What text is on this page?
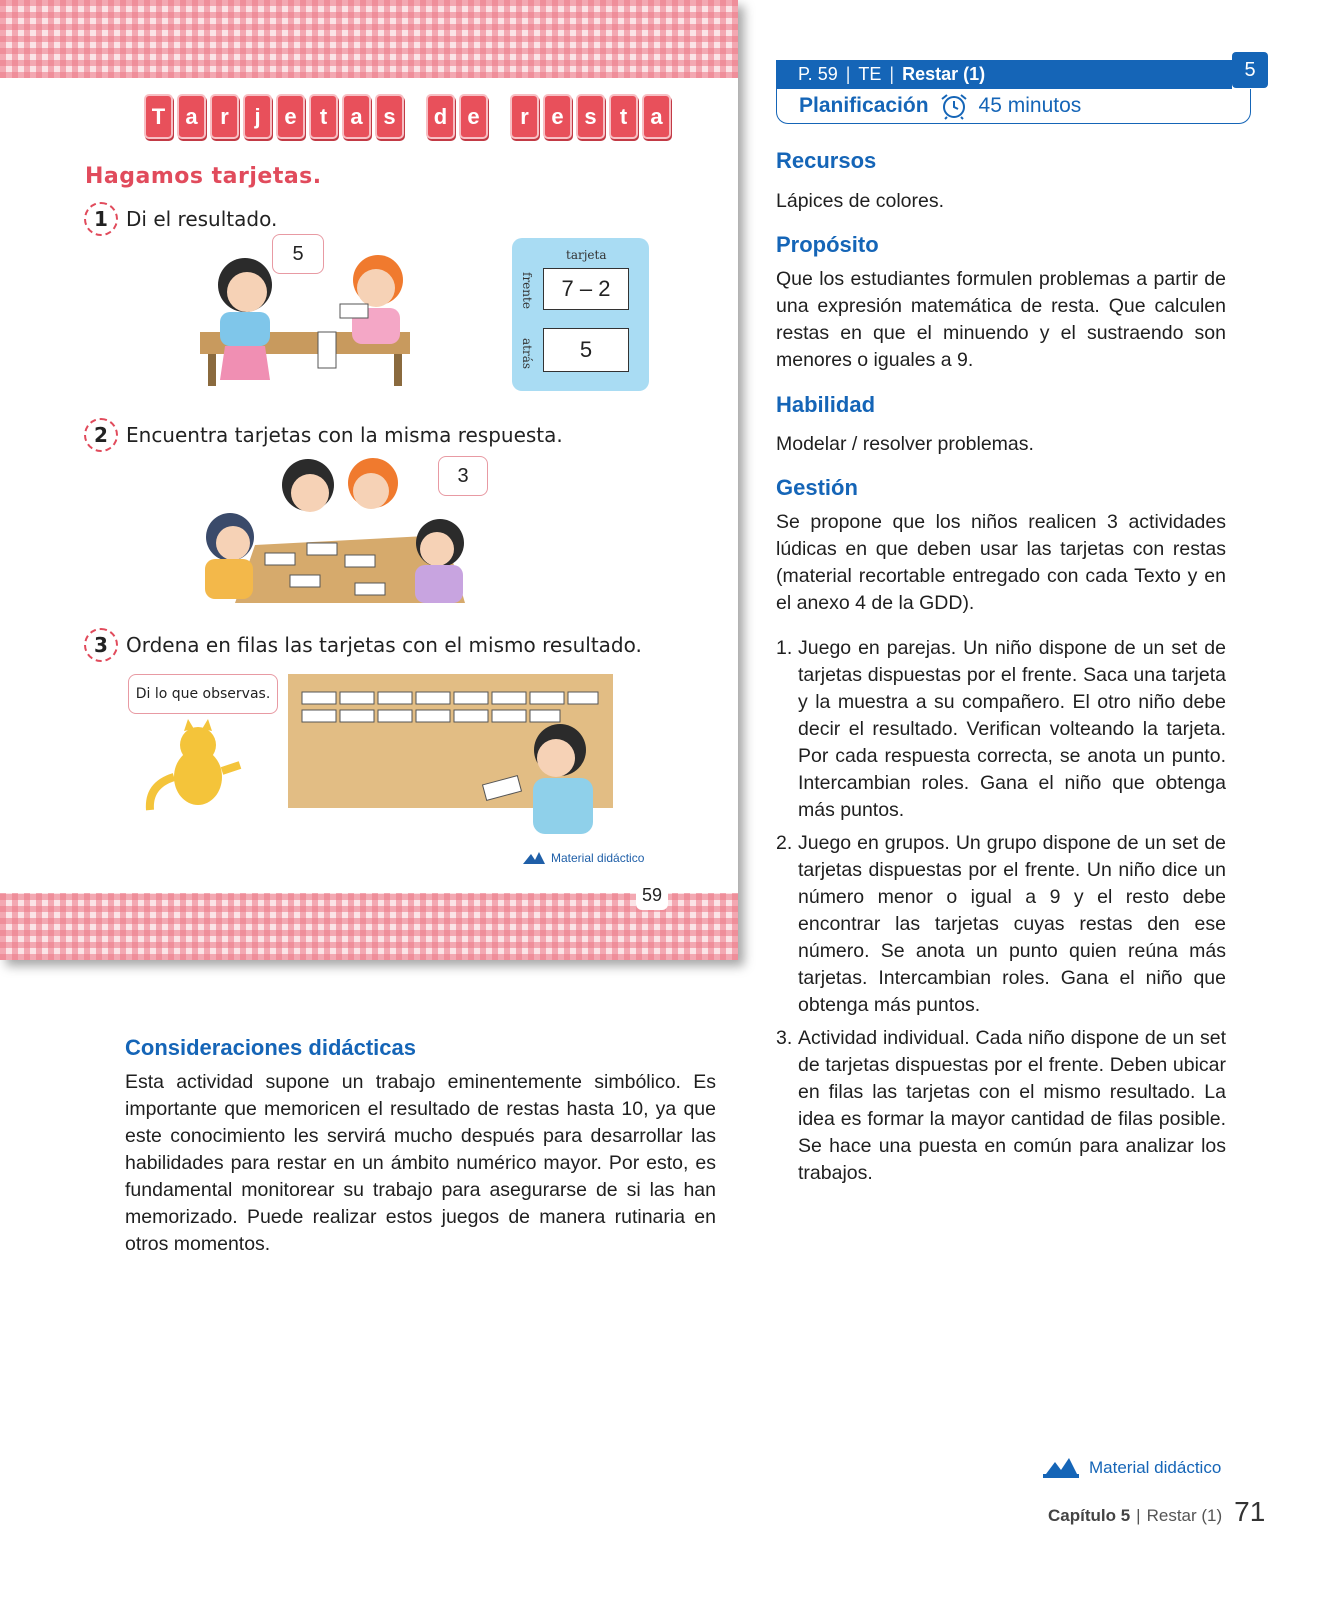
T a	r	j	e	t	a s	d e	r	e s	t	a
Hagamos tarjetas.
1 Di el resultado.
5	tarjeta
frente
atrás
7 – 2
5
2 Encuentra tarjetas con la misma respuesta.
3
3 Ordena en filas las tarjetas con el mismo resultado.
Di lo que observas.
Material didáctico
59
P. 59 | TE | Restar (1)	5
Planificación 45 minutos
Recursos
Lápices de colores.
Propósito
Que los estudiantes formulen problemas a partir de una expresión matemática de resta. Que calculen restas en que el minuendo y el sustraendo son menores o iguales a 9.
Habilidad
Modelar / resolver problemas.
Gestión
Se propone que los niños realicen 3 actividades lúdicas en que deben usar las tarjetas con restas (material recortable entregado con cada Texto y en el anexo 4 de la GDD).
1. Juego en parejas. Un niño dispone de un set de tarjetas dispuestas por el frente. Saca una tarjeta y la muestra a su compañero. El otro niño debe decir el resultado. Verifican volteando la tarjeta. Por cada respuesta correcta, se anota un punto. Intercambian roles. Gana el niño que obtenga más puntos.
2. Juego en grupos. Un grupo dispone de un set de tarjetas dispuestas por el frente. Un niño dice un número menor o igual a 9 y el resto debe encontrar las tarjetas cuyas restas den ese número. Se anota un punto quien reúna más tarjetas. Intercambian roles. Gana el niño que obtenga más puntos.
3. Actividad individual. Cada niño dispone de un set de tarjetas dispuestas por el frente. Deben ubicar en filas las tarjetas con el mismo resultado. La idea es formar la mayor cantidad de filas posible. Se hace una puesta en común para analizar los trabajos.
Consideraciones didácticas
Esta actividad supone un trabajo eminentemente simbólico. Es importante que memoricen el resultado de restas hasta 10, ya que este conocimiento les servirá mucho después para desarrollar las habilidades para restar en un ámbito numérico mayor. Por esto, es fundamental monitorear su trabajo para asegurarse de si las han memorizado. Puede realizar estos juegos de manera rutinaria en otros momentos.
Material didáctico
Capítulo 5 | Restar (1) 71
